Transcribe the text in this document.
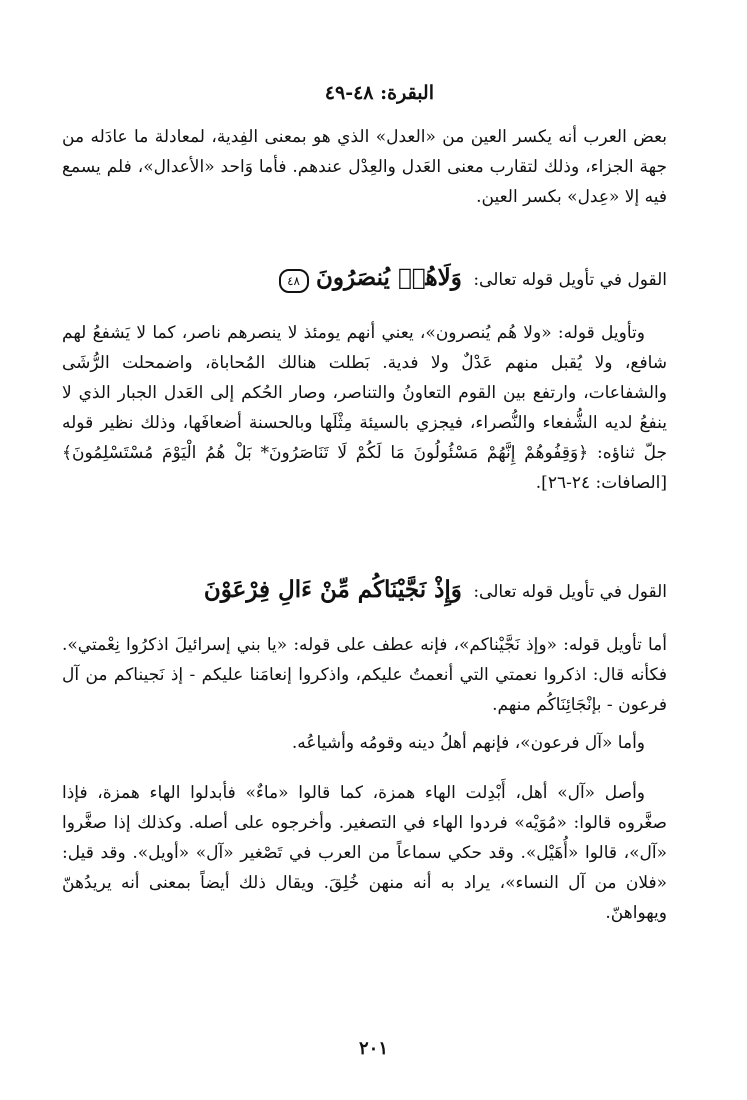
البقرة: ٤٨-٤٩

بعض العرب أنه يكسر العين من «العدل» الذي هو بمعنى الفِدية، لمعادلة ما عادَله من جهة الجزاء، وذلك لتقارب معنى العَدل والعِدْل عندهم. فأما وَاحد «الأعدال»، فلم يسمع فيه إلا «عِدل» بكسر العين.

القول في تأويل قوله تعالى: وَلَاهُمۡ يُنصَرُونَ ٤٨

وتأويل قوله: «ولا هُم يُنصرون»، يعني أنهم يومئذ لا ينصرهم ناصر، كما لا يَشفعُ لهم شافع، ولا يُقبل منهم عَدْلٌ ولا فدية. بَطلت هنالك المُحاباة، واضمحلت الرُّشَى والشفاعات، وارتفع بين القوم التعاونُ والتناصر، وصار الحُكم إلى العَدل الجبار الذي لا ينفعُ لديه الشُّفعاء والنُّصراء، فيجزي بالسيئة مِثْلَها وبالحسنة أضعافَها، وذلك نظير قوله جلّ ثناؤه: ﴿وَقِفُوهُمْ إِنَّهُمْ مَسْئُولُونَ مَا لَكُمْ لَا تَنَاصَرُونَ* بَلْ هُمُ الْيَوْمَ مُسْتَسْلِمُونَ﴾ [الصافات: ٢٤-٢٦].

القول في تأويل قوله تعالى: وَإِذْ نَجَّيْنَاكُم مِّنْ ءَالِ فِرْعَوْنَ

أما تأويل قوله: «وإذ نَجَّيْناكم»، فإنه عطف على قوله: «يا بني إسرائيلَ اذكرُوا نِعْمتي». فكأنه قال: اذكروا نعمتي التي أنعمتُ عليكم، واذكروا إنعامَنا عليكم - إذ نَجيناكم من آل فرعون - بإنْجَائِنَاكُم منهم.

وأما «آل فرعون»، فإنهم أهلُ دينه وقومُه وأشياعُه.

وأصل «آل» أهل، أَبْدِلت الهاء همزة، كما قالوا «ماءٌ» فأبدلوا الهاء همزة، فإذا صغَّروه قالوا: «مُوَيْه» فردوا الهاء في التصغير. وأخرجوه على أصله. وكذلك إذا صغَّروا «آل»، قالوا «أُهَيْل». وقد حكي سماعاً من العرب في تَصْغير «آل» «أويل». وقد قيل: «فلان من آل النساء»، يراد به أنه منهن خُلِقَ. ويقال ذلك أيضاً بمعنى أنه يريدُهنّ ويهواهنّ.

٢٠١
